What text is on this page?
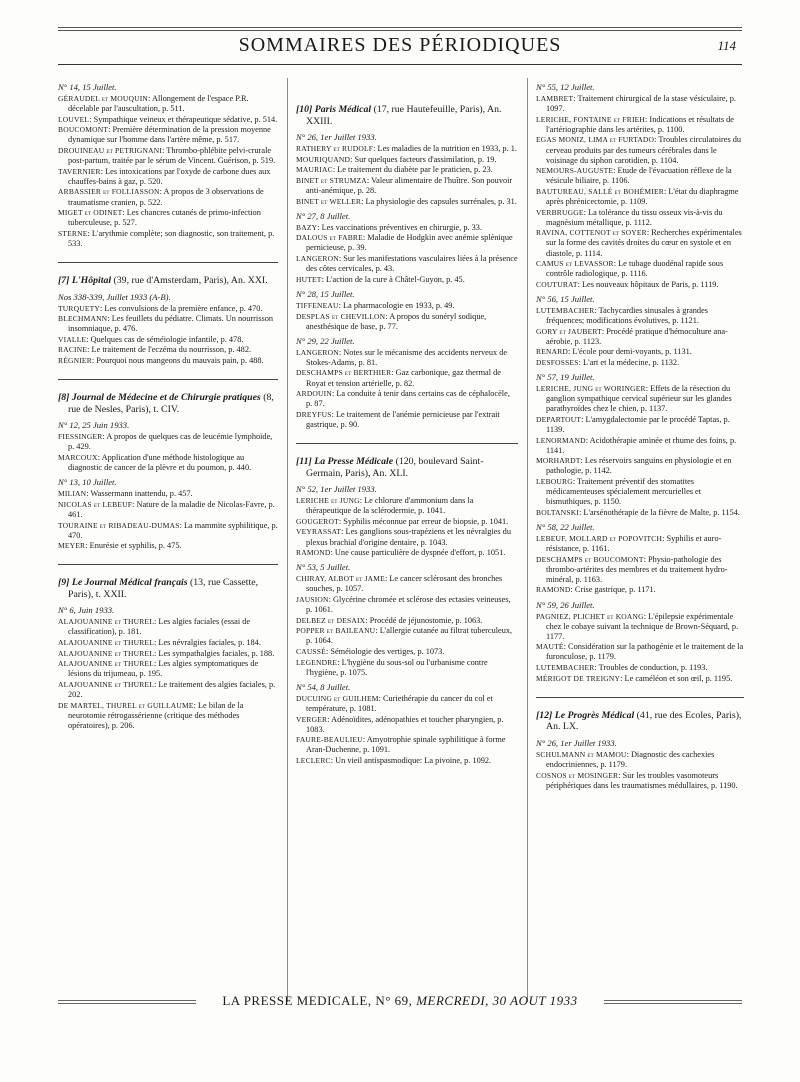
SOMMAIRES DES PÉRIODIQUES	114
N° 14, 15 Juillet.
GÉRAUDEL et MOUQUIN: Allongement de l'espace P.R. décelable par l'auscultation, p. 511.
LOUVEL: Sympathique veineux et thérapeutique sédative, p. 514.
BOUCOMONT: Première détermination de la pression moyenne dynamique sur l'homme dans l'artère même, p. 517.
DROUINEAU et PETRIGNANI: Thrombo-phlébite pelvi-crurale post-partum, traitée par le sérum de Vincent. Guérison, p. 519.
TAVERNIER: Les intoxications par l'oxyde de carbone dues aux chauffes-bains à gaz, p. 520.
ARBASSIER et FOLLIASSON: A propos de 3 observations de traumatisme cranien, p. 522.
MIGET et ODINET: Les chancres cutanés de primo-infection tuberculeuse, p. 527.
STERNE: L'arythmie complète; son diagnostic, son traitement, p. 533.
[7] L'Hôpital (39, rue d'Amsterdam, Paris), An. XXI.
Nos 338-339, Juillet 1933 (A-B).
TURQUETY: Les convulsions de la première enfance, p. 470.
BLECHMANN: Les feuillets du pédiatre. Climats. Un nourrisson insomniaque, p. 476.
VIALLE: Quelques cas de séméiologie infantile, p. 478.
RACINE: Le traitement de l'eczéma du nourrisson, p. 482.
RÉGNIER: Pourquoi nous mangeons du mauvais pain, p. 488.
[8] Journal de Médecine et de Chirurgie pratiques (8, rue de Nesles, Paris), t. CIV.
N° 12, 25 Juin 1933.
FIESSINGER: A propos de quelques cas de leucémie lymphoïde, p. 429.
MARCOUX: Application d'une méthode histologique au diagnostic de cancer de la plèvre et du poumon, p. 440.
N° 13, 10 Juillet.
MILIAN: Wassermann inattendu, p. 457.
NICOLAS et LEBEUF: Nature de la maladie de Nicolas-Favre, p. 461.
TOURAINE et RIBADEAU-DUMAS: La mammite syphilitique, p. 470.
MEYER: Enurésie et syphilis, p. 475.
[9] Le Journal Médical français (13, rue Cassette, Paris), t. XXII.
N° 6, Juin 1933.
ALAJOUANINE et THUREL: Les algies faciales (essai de classification), p. 181.
ALAJOUANINE et THUREL: Les névralgies faciales, p. 184.
ALAJOUANINE et THUREL: Les sympathalgies faciales, p. 188.
ALAJOUANINE et THUREL: Les algies symptomatiques de lésions du trijumeau, p. 195.
ALAJOUANINE et THUREL: Le traitement des algies faciales, p. 202.
DE MARTEL, THUREL et GUILLAUME: Le bilan de la neurotomie rétrogassérienne (critique des méthodes opératoires), p. 206.
[10] Paris Médical (17, rue Hautefeuille, Paris), An. XXIII.
N° 26, 1er Juillet 1933.
RATHERY et RUDOLF: Les maladies de la nutrition en 1933, p. 1.
MOURIQUAND: Sur quelques facteurs d'assimilation, p. 19.
MAURIAC: Le traitement du diabète par le praticien, p. 23.
BINET et STRUMZA: Valeur alimentaire de l'huître. Son pouvoir anti-anémique, p. 28.
BINET et WELLER: La physiologie des capsules surrénales, p. 31.
N° 27, 8 Juillet.
BAZY: Les vaccinations préventives en chirurgie, p. 33.
DALOUS et FABRE: Maladie de Hodgkin avec anémie splénique pernicieuse, p. 39.
LANGERON: Sur les manifestations vasculaires liées à la présence des côtes cervicales, p. 43.
HUTET: L'action de la cure à Châtel-Guyon, p. 45.
N° 28, 15 Juillet.
TIFFENEAU: La pharmacologie en 1933, p. 49.
DESPLAS et CHEVILLON: A propos du sonéryl sodique, anesthésique de base, p. 77.
N° 29, 22 Juillet.
LANGERON: Notes sur le mécanisme des accidents nerveux de Stokes-Adams, p. 81.
DESCHAMPS et BERTHIER: Gaz carbonique, gaz thermal de Royat et tension artérielle, p. 82.
ARDOUIN: La conduite à tenir dans certains cas de céphalocèle, p. 87.
DREYFUS: Le traitement de l'anémie pernicieuse par l'extrait gastrique, p. 90.
[11] La Presse Médicale (120, boulevard Saint-Germain, Paris), An. XLI.
N° 52, 1er Juillet 1933.
LERICHE et JUNG: Le chlorure d'ammonium dans la thérapeutique de la sclérodermie, p. 1041.
GOUGEROT: Syphilis méconnue par erreur de biopsie, p. 1041.
VEYRASSAT: Les ganglions sous-trapéziens et les névralgies du plexus brachial d'origine dentaire, p. 1043.
RAMOND: Une cause particulière de dyspnée d'effort, p. 1051.
N° 53, 5 Juillet.
CHIRAY, ALBOT et JAME: Le cancer sclérosant des bronches souches, p. 1057.
JAUSION: Glycérine chromée et sclérose des ectasies veineuses, p. 1061.
DELBEZ et DESAIX: Procédé de jéjunostomie, p. 1063.
POPPER et BAILEANU: L'allergie cutanée au filtrat tuberculeux, p. 1064.
CAUSSÉ: Séméiologie des vertiges, p. 1073.
LEGENDRE: L'hygiène du sous-sol ou l'urbanisme contre l'hygiène, p. 1075.
N° 54, 8 Juillet.
DUCUING et GUILHEM: Curiethérapie du cancer du col et température, p. 1081.
VERGER: Adénoïdites, adénopathies et toucher pharyngien, p. 1083.
FAURE-BEAULIEU: Amyotrophie spinale syphilitique à forme Aran-Duchenne, p. 1091.
LECLERC: Un vieil antispasmodique: La pivoine, p. 1092.
N° 55, 12 Juillet.
LAMBRET: Traitement chirurgical de la stase vésiculaire, p. 1097.
LERICHE, FONTAINE et FRIEH: Indications et résultats de l'artériographie dans les artérites, p. 1100.
EGAS MONIZ, LIMA et FURTADO: Troubles circulatoires du cerveau produits par des tumeurs cérébrales dans le voisinage du siphon carotidien, p. 1104.
NEMOURS-AUGUSTE: Etude de l'évacuation réflexe de la vésicule biliaire, p. 1106.
BAUTUREAU, SALLÉ et BOHÉMIER: L'état du diaphragme après phrénicectomie, p. 1109.
VERBRUGGE: La tolérance du tissu osseux vis-à-vis du magnésium métallique, p. 1112.
RAVINA, COTTENOT et SOYER: Recherches expérimentales sur la forme des cavités droites du cœur en systole et en diastole, p. 1114.
CAMUS et LEVASSOR: Le tubage duodénal rapide sous contrôle radiologique, p. 1116.
COUTURAT: Les nouveaux hôpitaux de Paris, p. 1119.
N° 56, 15 Juillet.
LUTEMBACHER: Tachycardies sinusales à grandes fréquences; modifications évolutives, p. 1121.
GORY et JAUBERT: Procédé pratique d'hémoculture ana-aérobie, p. 1123.
RENARD: L'école pour demi-voyants, p. 1131.
DESFOSSES: L'art et la médecine, p. 1132.
N° 57, 19 Juillet.
LERICHE, JUNG et WORINGER: Effets de la résection du ganglion sympathique cervical supérieur sur les glandes parathyroïdes chez le chien, p. 1137.
DEPARTOUT: L'amygdalectomie par le procédé Taptas, p. 1139.
LENORMAND: Acidothérapie aminée et rhume des foins, p. 1141.
MORHARDT: Les réservoirs sanguins en physiologie et en pathologie, p. 1142.
LEBOURG: Traitement préventif des stomatites médicamenteuses spécialement mercurielles et bismuthiques, p. 1150.
BOLTANSKI: L'arsénothérapie de la fièvre de Malte, p. 1154.
N° 58, 22 Juillet.
LEBEUF, MOLLARD et POPOVITCH: Syphilis et auro-résistance, p. 1161.
DESCHAMPS et BOUCOMONT: Physio-pathologie des thrombo-artérites des membres et du traitement hydro-minéral, p. 1163.
RAMOND: Crise gastrique, p. 1171.
N° 59, 26 Juillet.
PAGNIEZ, PLICHET et KOANG: L'épilepsie expérimentale chez le cobaye suivant la technique de Brown-Séquard, p. 1177.
MAUTÉ: Considération sur la pathogénie et le traitement de la furonculose, p. 1179.
LUTEMBACHER: Troubles de conduction, p. 1193.
MÉRIGOT DE TREIGNY: Le caméléon et son œil, p. 1195.
[12] Le Progrès Médical (41, rue des Ecoles, Paris), An. LX.
N° 26, 1er Juillet 1933.
SCHULMANN et MAMOU: Diagnostic des cachexies endocriniennes, p. 1179.
COSNOS et MOSINGER: Sur les troubles vasomoteurs périphériques dans les traumatismes médullaires, p. 1190.
LA PRESSE MEDICALE, N° 69, MERCREDI, 30 AOUT 1933
